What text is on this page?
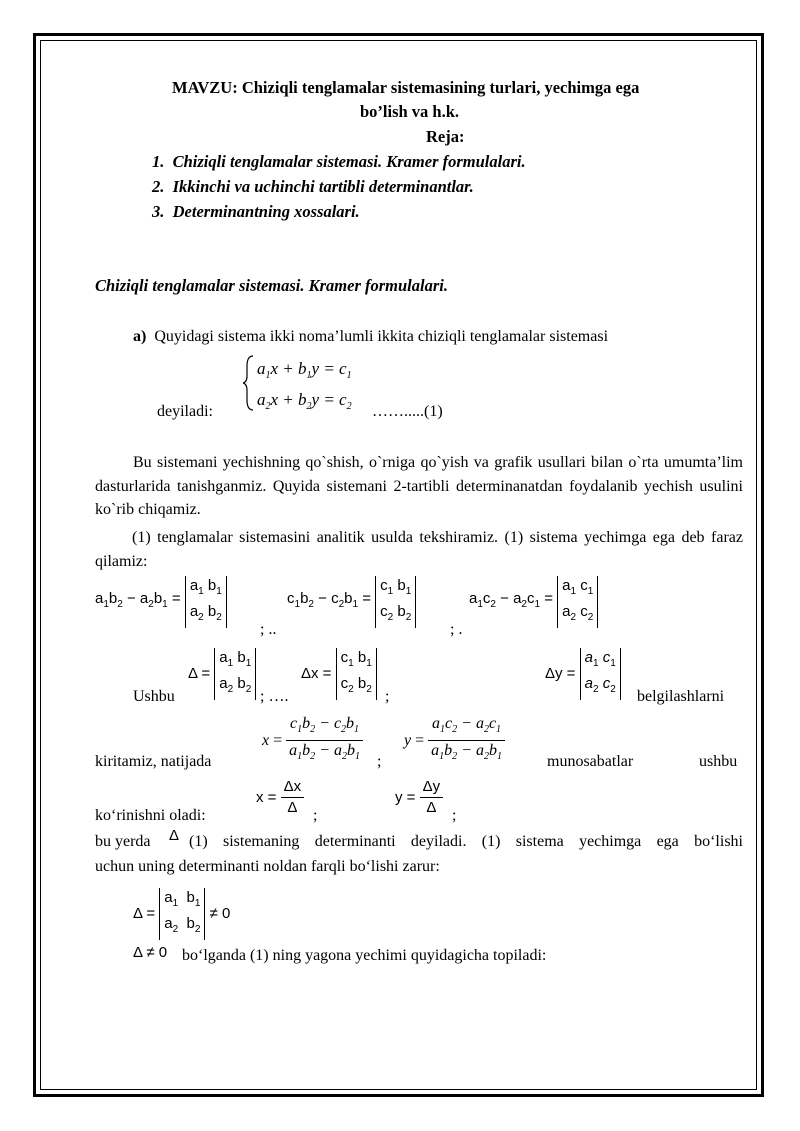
MAVZU: Chiziqli tenglamalar sistemasining turlari, yechimga ega
bo’lish va h.k.
Reja:
1. Chiziqli tenglamalar sistemasi. Kramer formulalari.
2. Ikkinchi va uchinchi tartibli determinantlar.
3. Determinantning xossalari.
Chiziqli tenglamalar sistemasi. Kramer formulalari.
a) Quyidagi sistema ikki noma’lumli ikkita chiziqli tenglamalar sistemasi
$a_1x + b_1y = c_1$
$a_2x + b_2y = c_2$
deyiladi:	…….....(1)
Bu sistemani yechishning qo`shish, o`rniga qo`yish va grafik usullari bilan o`rta umumta’lim dasturlarida tanishganmiz. Quyida sistemani 2-tartibli determinanatdan foydalanib yechish usulini ko`rib chiqamiz.
(1) tenglamalar sistemasini analitik usulda tekshiramiz. (1) sistema yechimga ega deb faraz qilamiz:
$a_1b_2 - a_2b_1$ =
$a_1$ $b_1$
$a_2$ $b_2$
; ..
$c_1b_2 - c_2b_1$ =
$c_1$ $b_1$
$c_2$ $b_2$
; .
$a_1c_2 - a_2c_1$ =
$a_1$ $c_1$
$a_2$ $c_2$
Ushbu
Δ =
$a_1$ $b_1$
$a_2$ $b_2$ ; ….
Δx =
$c_1$ $b_1$
$c_2$ $b_2$ ;
Δy =
$a_1$ $c_1$
$a_2$ $c_2$ belgilashlarni
kiritamiz, natijada
$x = \frac{c_1b_2 - c_2b_1}{a_1b_2 - a_2b_1}$ ;
$y = \frac{a_1c_2 - a_2c_1}{a_1b_2 - a_2b_1}$	munosabatlar	ushbu
ko‘rinishni oladi:
$x = \frac{\Delta x}{\Delta}$ ;
$y = \frac{\Delta y}{\Delta}$ ;
bu yerda Δ (1) sistemaning determinanti deyiladi. (1) sistema yechimga ega bo‘lishi
uchun uning determinanti noldan farqli bo‘lishi zarur:
Δ =
$a_1$  $b_1$
$a_2$  $b_2$
≠ 0
Δ ≠ 0 bo‘lganda (1) ning yagona yechimi quyidagicha topiladi:
